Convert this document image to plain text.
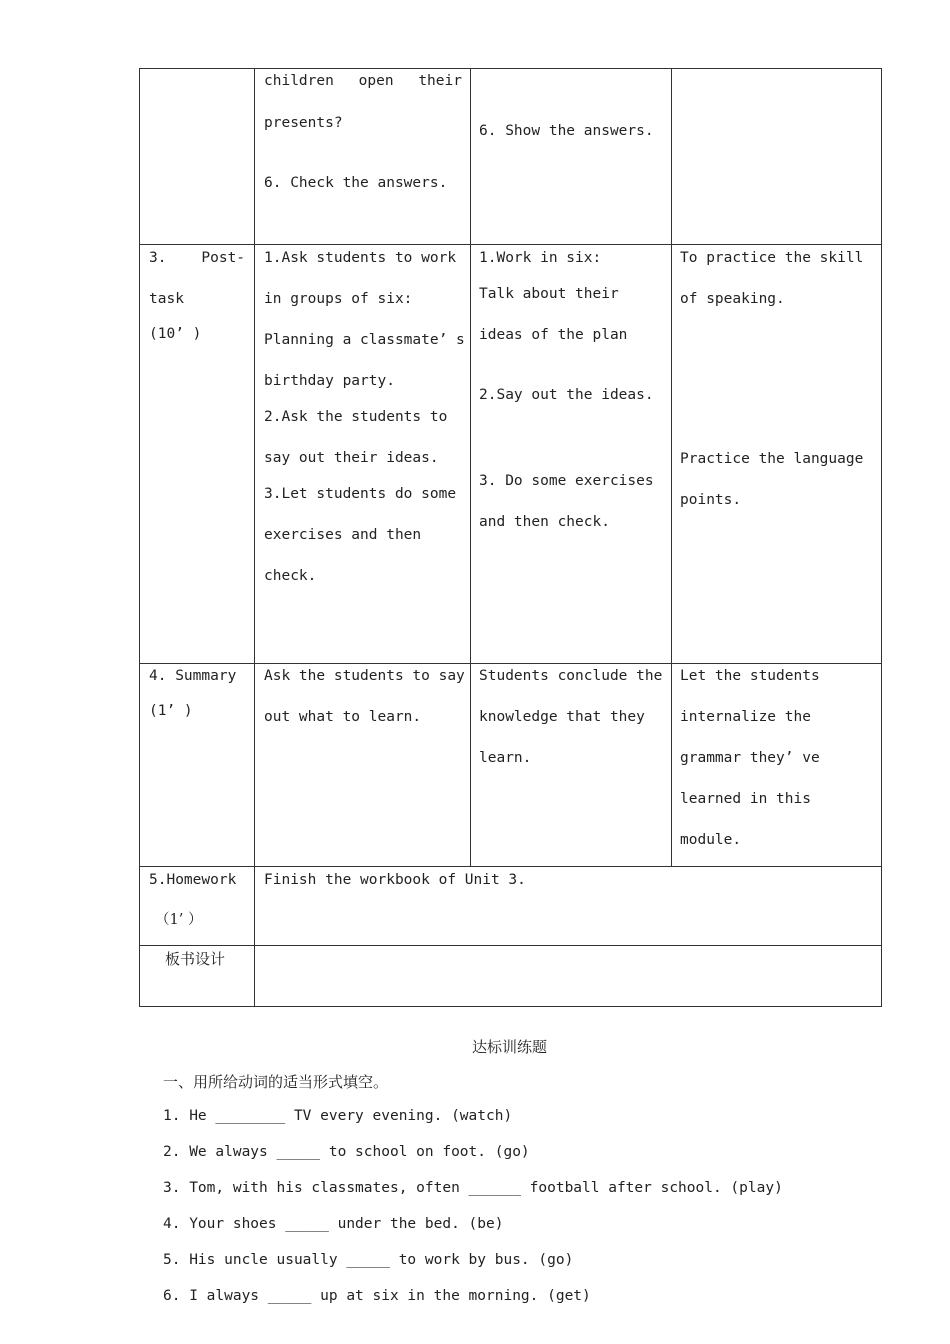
children open their
presents?
6. Check the answers.
6. Show the answers.
3.    Post-
task
(10’ )
1.Ask students to work
in groups of six:
Planning a classmate’ s
birthday party.
2.Ask the students to
say out their ideas.
3.Let students do some
exercises and then
check.
1.Work in six:
Talk about their
ideas of the plan
2.Say out the ideas.
3. Do some exercises
and then check.
To practice the skill
of speaking.
Practice the language
points.
4. Summary
(1’ )
Ask the students to say
out what to learn.
Students conclude the
knowledge that they
learn.
Let the students
internalize the
grammar they’ ve
learned in this
module.
5.Homework
（1’ ）
Finish the workbook of Unit 3.
板书设计
达标训练题
一、用所给动词的适当形式填空。
1. He ________ TV every evening. (watch)
2. We always _____ to school on foot. (go)
3. Tom, with his classmates, often ______ football after school. (play)
4. Your shoes _____ under the bed. (be)
5. His uncle usually _____ to work by bus. (go)
6. I always _____ up at six in the morning. (get)
